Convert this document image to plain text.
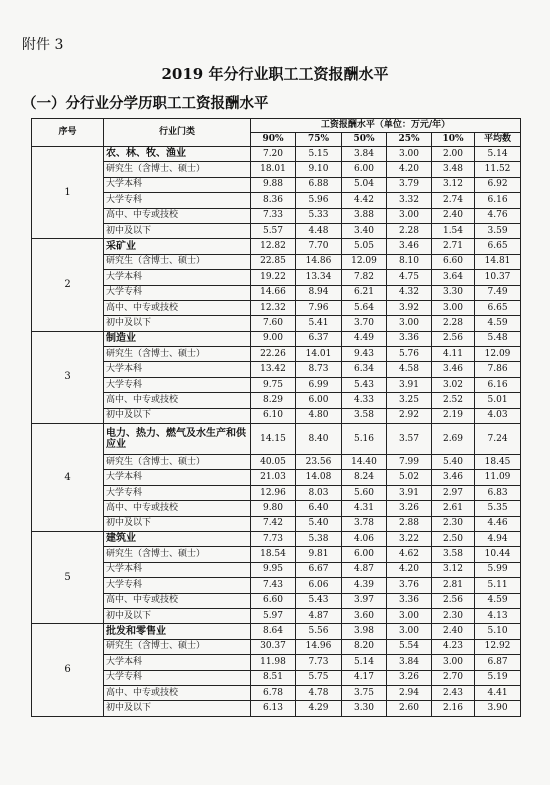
附件 3
2019 年分行业职工工资报酬水平
（一）分行业分学历职工工资报酬水平
序号	行业门类	工资报酬水平（单位：万元/年）					
		90%	75%	50%	25%	10%	平均数
1	农、林、牧、渔业	7.20	5.15	3.84	3.00	2.00	5.14
	研究生（含博士、硕士）	18.01	9.10	6.00	4.20	3.48	11.52
	大学本科	9.88	6.88	5.04	3.79	3.12	6.92
	大学专科	8.36	5.96	4.42	3.32	2.74	6.16
	高中、中专或技校	7.33	5.33	3.88	3.00	2.40	4.76
	初中及以下	5.57	4.48	3.40	2.28	1.54	3.59
2	采矿业	12.82	7.70	5.05	3.46	2.71	6.65
	研究生（含博士、硕士）	22.85	14.86	12.09	8.10	6.60	14.81
	大学本科	19.22	13.34	7.82	4.75	3.64	10.37
	大学专科	14.66	8.94	6.21	4.32	3.30	7.49
	高中、中专或技校	12.32	7.96	5.64	3.92	3.00	6.65
	初中及以下	7.60	5.41	3.70	3.00	2.28	4.59
3	制造业	9.00	6.37	4.49	3.36	2.56	5.48
	研究生（含博士、硕士）	22.26	14.01	9.43	5.76	4.11	12.09
	大学本科	13.42	8.73	6.34	4.58	3.46	7.86
	大学专科	9.75	6.99	5.43	3.91	3.02	6.16
	高中、中专或技校	8.29	6.00	4.33	3.25	2.52	5.01
	初中及以下	6.10	4.80	3.58	2.92	2.19	4.03
4	电力、热力、燃气及水生产和供应业	14.15	8.40	5.16	3.57	2.69	7.24
	研究生（含博士、硕士）	40.05	23.56	14.40	7.99	5.40	18.45
	大学本科	21.03	14.08	8.24	5.02	3.46	11.09
	大学专科	12.96	8.03	5.60	3.91	2.97	6.83
	高中、中专或技校	9.80	6.40	4.31	3.26	2.61	5.35
	初中及以下	7.42	5.40	3.78	2.88	2.30	4.46
5	建筑业	7.73	5.38	4.06	3.22	2.50	4.94
	研究生（含博士、硕士）	18.54	9.81	6.00	4.62	3.58	10.44
	大学本科	9.95	6.67	4.87	4.20	3.12	5.99
	大学专科	7.43	6.06	4.39	3.76	2.81	5.11
	高中、中专或技校	6.60	5.43	3.97	3.36	2.56	4.59
	初中及以下	5.97	4.87	3.60	3.00	2.30	4.13
6	批发和零售业	8.64	5.56	3.98	3.00	2.40	5.10
	研究生（含博士、硕士）	30.37	14.96	8.20	5.54	4.23	12.92
	大学本科	11.98	7.73	5.14	3.84	3.00	6.87
	大学专科	8.51	5.75	4.17	3.26	2.70	5.19
	高中、中专或技校	6.78	4.78	3.75	2.94	2.43	4.41
	初中及以下	6.13	4.29	3.30	2.60	2.16	3.90
